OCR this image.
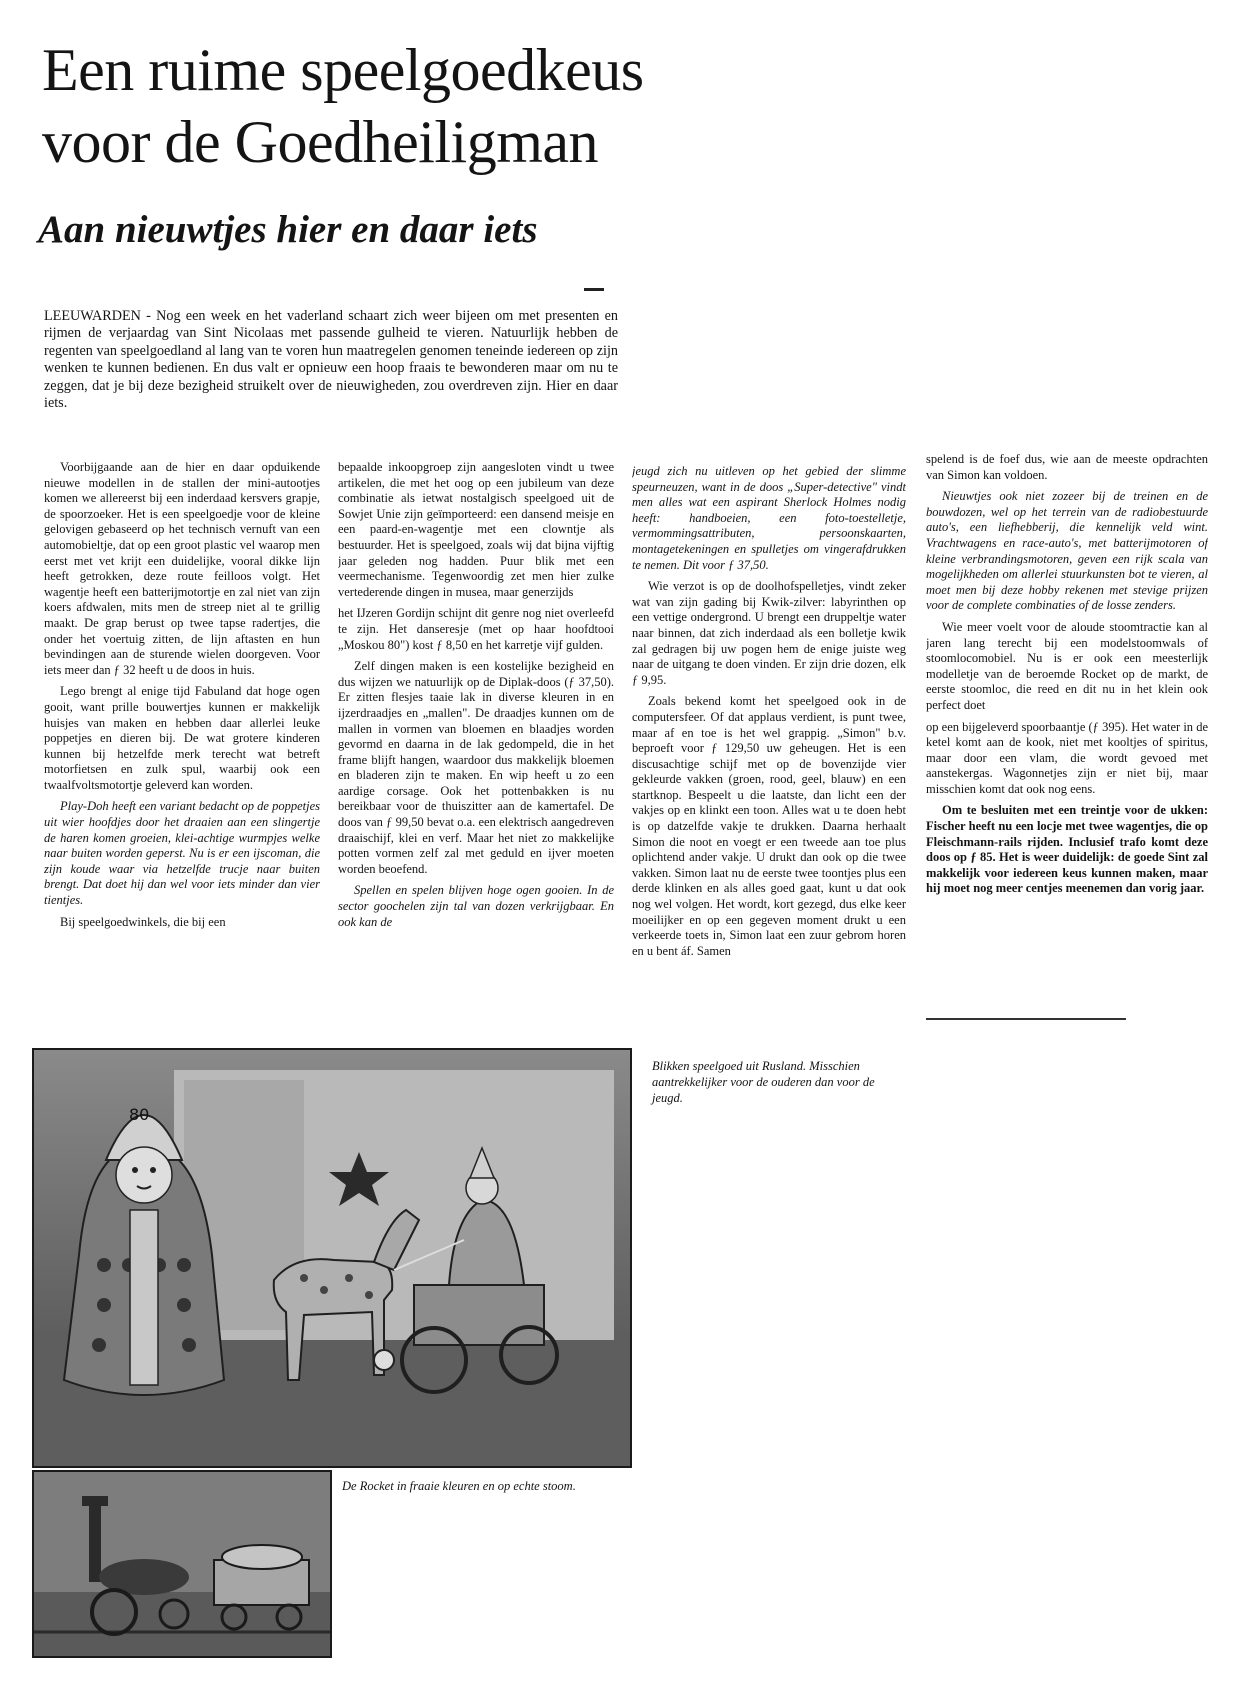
Een ruime speelgoedkeus
voor de Goedheiligman
Aan nieuwtjes hier en daar iets

LEEUWARDEN - Nog een week en het vaderland schaart zich weer bijeen om met presenten en rijmen de verjaardag van Sint Nicolaas met passende gulheid te vieren. Natuurlijk hebben de regenten van speelgoedland al lang van te voren hun maatregelen genomen teneinde iedereen op zijn wenken te kunnen bedienen. En dus valt er opnieuw een hoop fraais te bewonderen maar om nu te zeggen, dat je bij deze bezigheid struikelt over de nieuwigheden, zou overdreven zijn. Hier en daar iets.

Voorbijgaande aan de hier en daar opduikende nieuwe modellen in de stallen der mini-autootjes komen we allereerst bij een inderdaad kersvers grapje, de spoorzoeker. Het is een speelgoedje voor de kleine gelovigen gebaseerd op het technisch vernuft van een automobieltje, dat op een groot plastic vel waarop men eerst met vet krijt een duidelijke, vooral dikke lijn heeft getrokken, deze route feilloos volgt. Het wagentje heeft een batterijmotortje en zal niet van zijn koers afdwalen, mits men de streep niet al te grillig maakt. De grap berust op twee tapse radertjes, die onder het voertuig zitten, de lijn aftasten en hun bevindingen aan de sturende wielen doorgeven. Voor iets meer dan ƒ 32 heeft u de doos in huis.

Lego brengt al enige tijd Fabuland dat hoge ogen gooit, want prille bouwertjes kunnen er makkelijk huisjes van maken en hebben daar allerlei leuke poppetjes en dieren bij. De wat grotere kinderen kunnen bij hetzelfde merk terecht wat betreft motorfietsen en zulk spul, waarbij ook een twaalfvoltsmotortje geleverd kan worden.

Play-Doh heeft een variant bedacht op de poppetjes uit wier hoofdjes door het draaien aan een slingertje de haren komen groeien, klei-achtige wurmpjes welke naar buiten worden geperst. Nu is er een ijscoman, die zijn koude waar via hetzelfde trucje naar buiten brengt. Dat doet hij dan wel voor iets minder dan vier tientjes.

Bij speelgoedwinkels, die bij een

bepaalde inkoopgroep zijn aangesloten vindt u twee artikelen, die met het oog op een jubileum van deze combinatie als ietwat nostalgisch speelgoed uit de Sowjet Unie zijn geïmporteerd: een dansend meisje en een paard-en-wagentje met een clowntje als bestuurder. Het is speelgoed, zoals wij dat bijna vijftig jaar geleden nog hadden. Puur blik met een veermechanisme. Tegenwoordig zet men hier zulke vertederende dingen in musea, maar generzijds

het IJzeren Gordijn schijnt dit genre nog niet overleefd te zijn. Het danseresje (met op haar hoofdtooi „Moskou 80") kost ƒ 8,50 en het karretje vijf gulden.

Zelf dingen maken is een kostelijke bezigheid en dus wijzen we natuurlijk op de Diplak-doos (ƒ 37,50). Er zitten flesjes taaie lak in diverse kleuren in en ijzerdraadjes en „mallen". De draadjes kunnen om de mallen in vormen van bloemen en blaadjes worden gevormd en daarna in de lak gedompeld, die in het frame blijft hangen, waardoor dus makkelijk bloemen en bladeren zijn te maken. En wip heeft u zo een aardige corsage. Ook het pottenbakken is nu bereikbaar voor de thuiszitter aan de kamertafel. De doos van ƒ 99,50 bevat o.a. een elektrisch aangedreven draaischijf, klei en verf. Maar het niet zo makkelijke potten vormen zelf zal met geduld en ijver moeten worden beoefend.

Spellen en spelen blijven hoge ogen gooien. In de sector goochelen zijn tal van dozen verkrijgbaar. En ook kan de

jeugd zich nu uitleven op het gebied der slimme speurneuzen, want in de doos „Super-detective" vindt men alles wat een aspirant Sherlock Holmes nodig heeft: handboeien, een foto-toestelletje, vermommingsattributen, persoonskaarten, montagetekeningen en spulletjes om vingerafdrukken te nemen. Dit voor ƒ 37,50.

Wie verzot is op de doolhofspelletjes, vindt zeker wat van zijn gading bij Kwik-zilver: labyrinthen op een vettige ondergrond. U brengt een druppeltje water naar binnen, dat zich inderdaad als een bolletje kwik zal gedragen bij uw pogen hem de enige juiste weg naar de uitgang te doen vinden. Er zijn drie dozen, elk ƒ 9,95.

Zoals bekend komt het speelgoed ook in de computersfeer. Of dat applaus verdient, is punt twee, maar af en toe is het wel grappig. „Simon" b.v. beproeft voor ƒ 129,50 uw geheugen. Het is een discusachtige schijf met op de bovenzijde vier gekleurde vakken (groen, rood, geel, blauw) en een startknop. Bespeelt u die laatste, dan licht een der vakjes op en klinkt een toon. Alles wat u te doen hebt is op datzelfde vakje te drukken. Daarna herhaalt Simon die noot en voegt er een tweede aan toe plus oplichtend ander vakje. U drukt dan ook op die twee vakken. Simon laat nu de eerste twee toontjes plus een derde klinken en als alles goed gaat, kunt u dat ook nog wel volgen. Het wordt, kort gezegd, dus elke keer moeilijker en op een gegeven moment drukt u een verkeerde toets in, Simon laat een zuur gebrom horen en u bent áf. Samen

spelend is de foef dus, wie aan de meeste opdrachten van Simon kan voldoen.

Nieuwtjes ook niet zozeer bij de treinen en de bouwdozen, wel op het terrein van de radiobestuurde auto's, een liefhebberij, die kennelijk veld wint. Vrachtwagens en race-auto's, met batterijmotoren of kleine verbrandingsmotoren, geven een rijk scala van mogelijkheden om allerlei stuurkunsten bot te vieren, al moet men bij deze hobby rekenen met stevige prijzen voor de complete combinaties of de losse zenders.

Wie meer voelt voor de aloude stoomtractie kan al jaren lang terecht bij een modelstoomwals of stoomlocomobiel. Nu is er ook een meesterlijk modelletje van de beroemde Rocket op de markt, de eerste stoomloc, die reed en dit nu in het klein ook perfect doet

op een bijgeleverd spoorbaantje (ƒ 395). Het water in de ketel komt aan de kook, niet met kooltjes of spiritus, maar door een vlam, die wordt gevoed met aanstekergas. Wagonnetjes zijn er niet bij, maar misschien komt dat ook nog eens.

Om te besluiten met een treintje voor de ukken: Fischer heeft nu een locje met twee wagentjes, die op Fleischmann-rails rijden. Inclusief trafo komt deze doos op ƒ 85. Het is weer duidelijk: de goede Sint zal makkelijk voor iedereen keus kunnen maken, maar hij moet nog meer centjes meenemen dan vorig jaar.

80

Blikken speelgoed uit Rusland. Misschien aantrekkelijker voor de ouderen dan voor de jeugd.

De Rocket in fraaie kleuren en op echte stoom.
